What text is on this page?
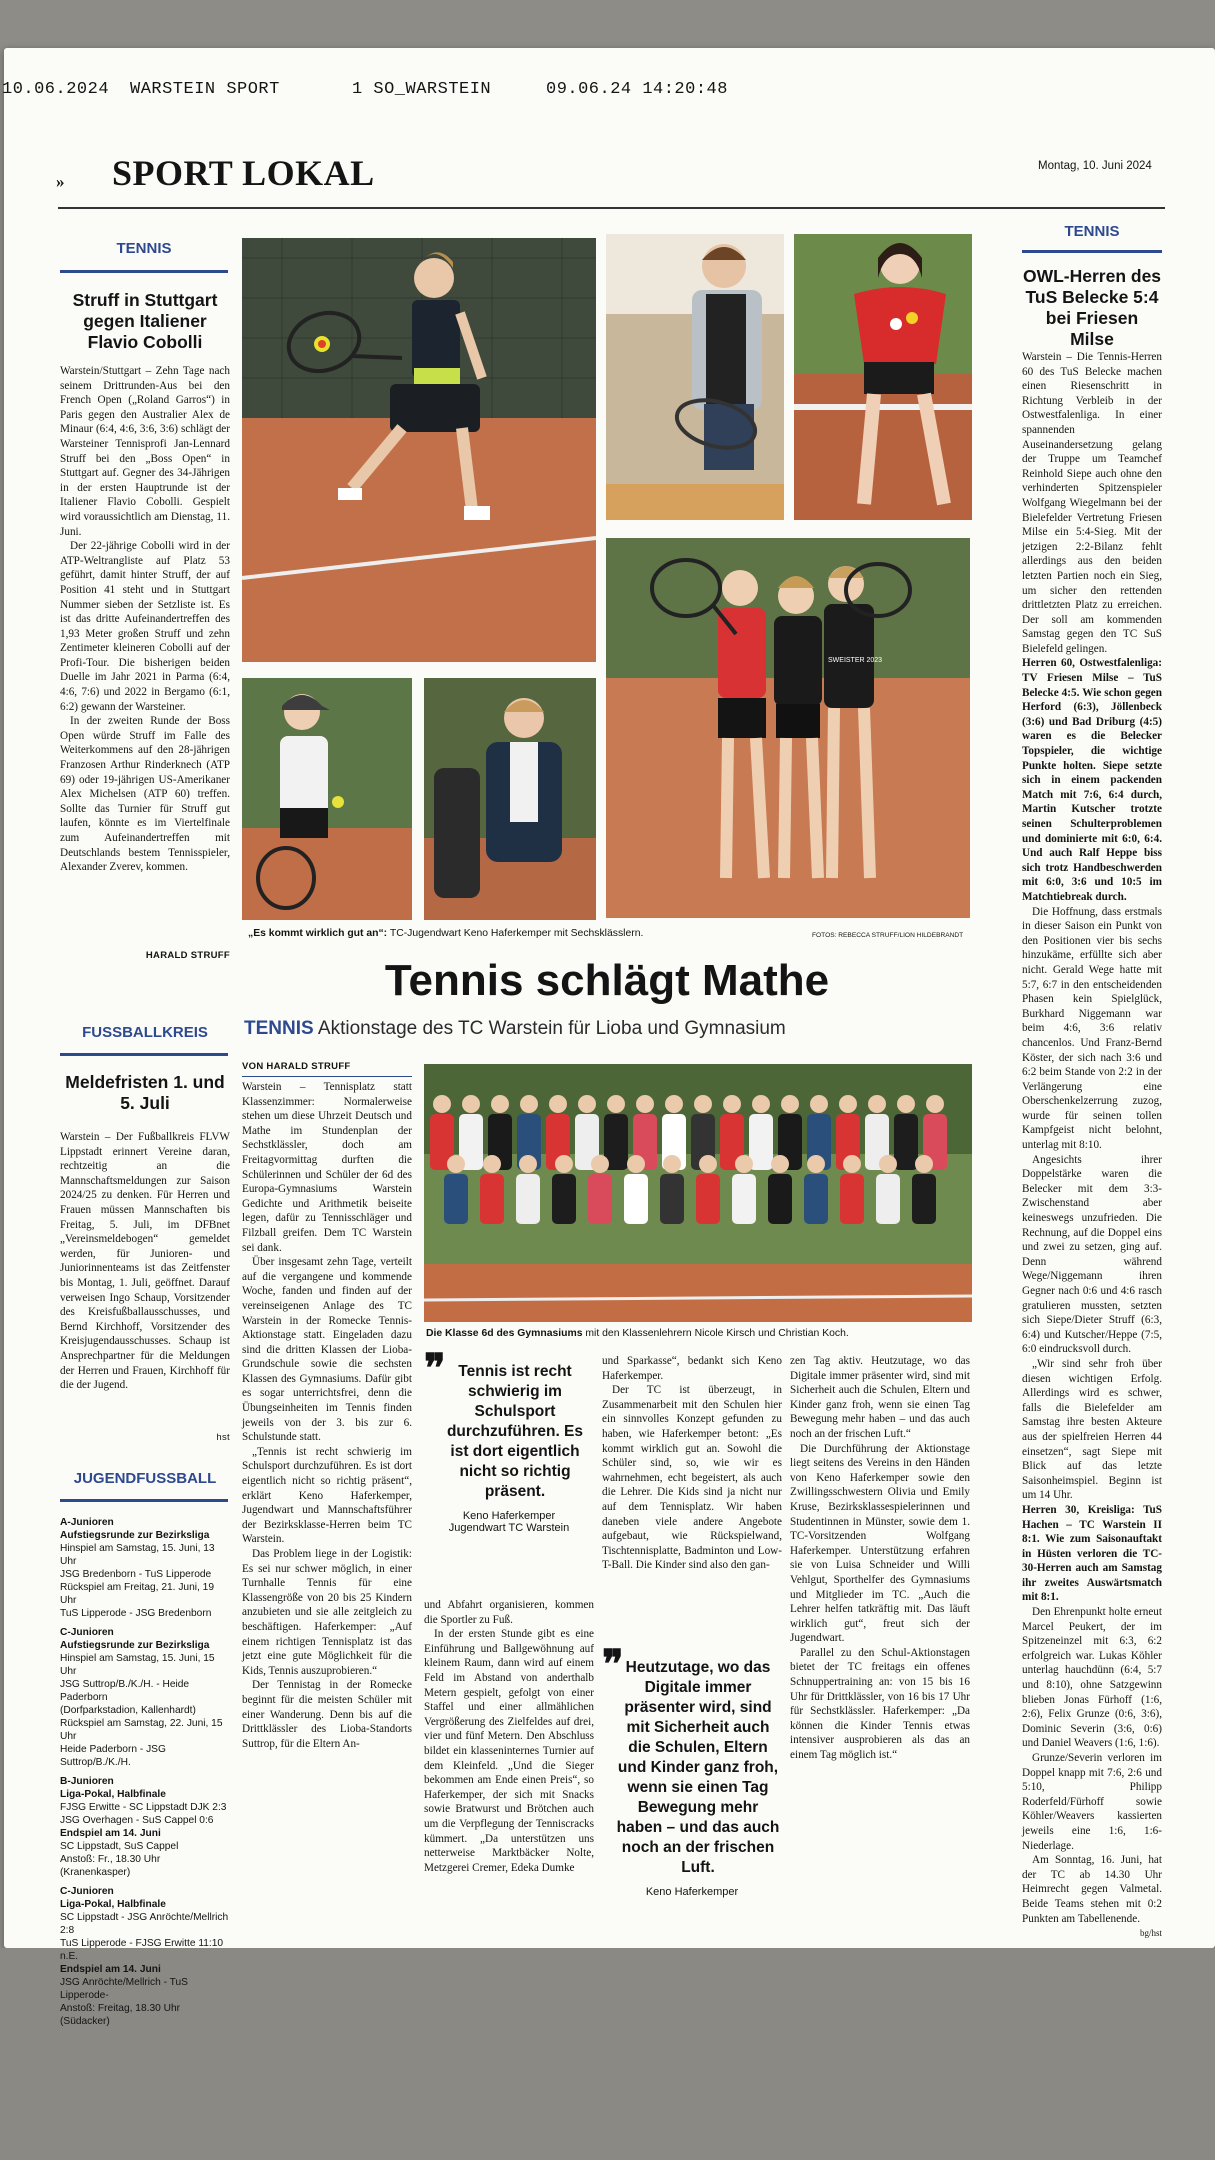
10.06.2024 WARSTEIN SPORT	1 SO_WARSTEIN	09.06.24 14:20:48
» SPORT LOKAL	Montag, 10. Juni 2024
TENNIS
Struff in Stuttgart gegen Italiener Flavio Cobolli

Warstein/Stuttgart – Zehn Tage nach seinem Drittrunden-Aus bei den French Open („Roland Garros“) in Paris gegen den Australier Alex de Minaur (6:4, 4:6, 3:6, 3:6) schlägt der Warsteiner Tennisprofi Jan-Lennard Struff bei den „Boss Open“ in Stuttgart auf. Gegner des 34-Jährigen in der ersten Hauptrunde ist der Italiener Flavio Cobolli. Gespielt wird voraussichtlich am Dienstag, 11. Juni.

Der 22-jährige Cobolli wird in der ATP-Weltrangliste auf Platz 53 geführt, damit hinter Struff, der auf Position 41 steht und in Stuttgart Nummer sieben der Setzliste ist. Es ist das dritte Aufeinandertreffen des 1,93 Meter großen Struff und zehn Zentimeter kleineren Cobolli auf der Profi-Tour. Die bisherigen beiden Duelle im Jahr 2021 in Parma (6:4, 4:6, 7:6) und 2022 in Bergamo (6:1, 6:2) gewann der Warsteiner.

In der zweiten Runde der Boss Open würde Struff im Falle des Weiterkommens auf den 28-jährigen Franzosen Arthur Rinderknech (ATP 69) oder 19-jährigen US-Amerikaner Alex Michelsen (ATP 60) treffen. Sollte das Turnier für Struff gut laufen, könnte es im Viertelfinale zum Aufeinandertreffen mit Deutschlands bestem Tennisspieler, Alexander Zverev, kommen.

HARALD STRUFF
FUSSBALLKREIS
Meldefristen 1. und 5. Juli

Warstein – Der Fußballkreis FLVW Lippstadt erinnert Vereine daran, rechtzeitig an die Mannschaftsmeldungen zur Saison 2024/25 zu denken. Für Herren und Frauen müssen Mannschaften bis Freitag, 5. Juli, im DFBnet „Vereinsmeldebogen“ gemeldet werden, für Junioren- und Juniorinnenteams ist das Zeitfenster bis Montag, 1. Juli, geöffnet. Darauf verweisen Ingo Schaup, Vorsitzender des Kreisfußballausschusses, und Bernd Kirchhoff, Vorsitzender des Kreisjugendausschusses. Schaup ist Ansprechpartner für die Meldungen der Herren und Frauen, Kirchhoff für die der Jugend.

hst
JUGENDFUSSBALL
A-Junioren
Aufstiegsrunde zur Bezirksliga
Hinspiel am Samstag, 15. Juni, 13 Uhr
JSG Bredenborn - TuS Lipperode
Rückspiel am Freitag, 21. Juni, 19 Uhr
TuS Lipperode - JSG Bredenborn
C-Junioren
Aufstiegsrunde zur Bezirksliga
Hinspiel am Samstag, 15. Juni, 15 Uhr
JSG Suttrop/B./K./H. - Heide Paderborn
(Dorfparkstadion, Kallenhardt)
Rückspiel am Samstag, 22. Juni, 15 Uhr
Heide Paderborn - JSG Suttrop/B./K./H.
B-Junioren
Liga-Pokal, Halbfinale
FJSG Erwitte - SC Lippstadt DJK 2:3
JSG Overhagen - SuS Cappel 0:6
Endspiel am 14. Juni
SC Lippstadt, SuS Cappel
Anstoß: Fr., 18.30 Uhr (Kranenkasper)
C-Junioren
Liga-Pokal, Halbfinale
SC Lippstadt - JSG Anröchte/Mellrich 2:8
TuS Lipperode - FJSG Erwitte 11:10 n.E.
Endspiel am 14. Juni
JSG Anröchte/Mellrich - TuS Lipperode-
Anstoß: Freitag, 18.30 Uhr (Südacker)
SWEISTER 2023
„Es kommt wirklich gut an“: TC-Jugendwart Keno Haferkemper mit Sechsklässlern.	FOTOS: REBECCA STRUFF/LION HILDEBRANDT
Tennis schlägt Mathe
TENNIS Aktionstage des TC Warstein für Lioba und Gymnasium
VON HARALD STRUFF

Warstein – Tennisplatz statt Klassenzimmer: Normalerweise stehen um diese Uhrzeit Deutsch und Mathe im Stundenplan der Sechstklässler, doch am Freitagvormittag durften die Schülerinnen und Schüler der 6d des Europa-Gymnasiums Warstein Gedichte und Arithmetik beiseite legen, dafür zu Tennisschläger und Filzball greifen. Dem TC Warstein sei dank.

Über insgesamt zehn Tage, verteilt auf die vergangene und kommende Woche, fanden und finden auf der vereinseigenen Anlage des TC Warstein in der Romecke Tennis-Aktionstage statt. Eingeladen dazu sind die dritten Klassen der Lioba-Grundschule sowie die sechsten Klassen des Gymnasiums. Dafür gibt es sogar unterrichtsfrei, denn die Übungseinheiten im Tennis finden jeweils von der 3. bis zur 6. Schulstunde statt.

„Tennis ist recht schwierig im Schulsport durchzuführen. Es ist dort eigentlich nicht so richtig präsent“, erklärt Keno Haferkemper, Jugendwart und Mannschaftsführer der Bezirksklasse-Herren beim TC Warstein.

Das Problem liege in der Logistik: Es sei nur schwer möglich, in einer Turnhalle Tennis für eine Klassengröße von 20 bis 25 Kindern anzubieten und sie alle zeitgleich zu beschäftigen. Haferkemper: „Auf einem richtigen Tennisplatz ist das jetzt eine gute Möglichkeit für die Kids, Tennis auszuprobieren.“

Der Tennistag in der Romecke beginnt für die meisten Schüler mit einer Wanderung. Denn bis auf die Drittklässler des Lioba-Standorts Suttrop, für die Eltern An-

Die Klasse 6d des Gymnasiums mit den Klassenlehrern Nicole Kirsch und Christian Koch.
❞ Tennis ist recht schwierig im Schulsport durchzuführen. Es ist dort eigentlich nicht so richtig präsent.
Keno Haferkemper
Jugendwart TC Warstein

und Abfahrt organisieren, kommen die Sportler zu Fuß.

In der ersten Stunde gibt es eine Einführung und Ballgewöhnung auf kleinem Raum, dann wird auf einem Feld im Abstand von anderthalb Metern gespielt, gefolgt von einer Staffel und einer allmählichen Vergrößerung des Zielfeldes auf drei, vier und fünf Metern. Den Abschluss bildet ein klasseninternes Turnier auf dem Kleinfeld. „Und die Sieger bekommen am Ende einen Preis“, so Haferkemper, der sich mit Snacks sowie Bratwurst und Brötchen auch um die Verpflegung der Tenniscracks kümmert. „Da unterstützen uns netterweise Marktbäcker Nolte, Metzgerei Cremer, Edeka Dumke

und Sparkasse“, bedankt sich Keno Haferkemper.

Der TC ist überzeugt, in Zusammenarbeit mit den Schulen hier ein sinnvolles Konzept gefunden zu haben, wie Haferkemper betont: „Es kommt wirklich gut an. Sowohl die Schüler sind, so, wie wir es wahrnehmen, echt begeistert, als auch die Lehrer. Die Kids sind ja nicht nur auf dem Tennisplatz. Wir haben daneben viele andere Angebote aufgebaut, wie Rückspielwand, Tischtennisplatte, Badminton und Low-T-Ball. Die Kinder sind also den gan-

❞ Heutzutage, wo das Digitale immer präsenter wird, sind mit Sicherheit auch die Schulen, Eltern und Kinder ganz froh, wenn sie einen Tag Bewegung mehr haben – und das auch noch an der frischen Luft.
Keno Haferkemper

zen Tag aktiv. Heutzutage, wo das Digitale immer präsenter wird, sind mit Sicherheit auch die Schulen, Eltern und Kinder ganz froh, wenn sie einen Tag Bewegung mehr haben – und das auch noch an der frischen Luft.“

Die Durchführung der Aktionstage liegt seitens des Vereins in den Händen von Keno Haferkemper sowie den Zwillingsschwestern Olivia und Emily Kruse, Bezirksklassespielerinnen und Studentinnen in Münster, sowie dem 1. TC-Vorsitzenden Wolfgang Haferkemper. Unterstützung erfahren sie von Luisa Schneider und Willi Vehlgut, Sporthelfer des Gymnasiums und Mitglieder im TC. „Auch die Lehrer helfen tatkräftig mit. Das läuft wirklich gut“, freut sich der Jugendwart.

Parallel zu den Schul-Aktionstagen bietet der TC freitags ein offenes Schnuppertraining an: von 15 bis 16 Uhr für Drittklässler, von 16 bis 17 Uhr für Sechstklässler. Haferkemper: „Da können die Kinder Tennis etwas intensiver ausprobieren als das an einem Tag möglich ist.“

TENNIS
OWL-Herren des TuS Belecke 5:4 bei Friesen Milse

Warstein – Die Tennis-Herren 60 des TuS Belecke machen einen Riesenschritt in Richtung Verbleib in der Ostwestfalenliga. In einer spannenden Auseinandersetzung gelang der Truppe um Teamchef Reinhold Siepe auch ohne den verhinderten Spitzenspieler Wolfgang Wiegelmann bei der Bielefelder Vertretung Friesen Milse ein 5:4-Sieg. Mit der jetzigen 2:2-Bilanz fehlt allerdings aus den beiden letzten Partien noch ein Sieg, um sicher den rettenden drittletzten Platz zu erreichen. Der soll am kommenden Samstag gegen den TC SuS Bielefeld gelingen.

Herren 60, Ostwestfalenliga: TV Friesen Milse – TuS Belecke 4:5. Wie schon gegen Herford (6:3), Jöllenbeck (3:6) und Bad Driburg (4:5) waren es die Belecker Topspieler, die wichtige Punkte holten. Siepe setzte sich in einem packenden Match mit 7:6, 6:4 durch, Martin Kutscher trotzte seinen Schulterproblemen und dominierte mit 6:0, 6:4. Und auch Ralf Heppe biss sich trotz Handbeschwerden mit 6:0, 3:6 und 10:5 im Matchtiebreak durch.

Die Hoffnung, dass erstmals in dieser Saison ein Punkt von den Positionen vier bis sechs hinzukäme, erfüllte sich aber nicht. Gerald Wege hatte mit 5:7, 6:7 in den entscheidenden Phasen kein Spielglück, Burkhard Niggemann war beim 4:6, 3:6 relativ chancenlos. Und Franz-Bernd Köster, der sich nach 3:6 und 6:2 beim Stande von 2:2 in der Verlängerung eine Oberschenkelzerrung zuzog, wurde für seinen tollen Kampfgeist nicht belohnt, unterlag mit 8:10.

Angesichts ihrer Doppelstärke waren die Belecker mit dem 3:3-Zwischenstand aber keineswegs unzufrieden. Die Rechnung, auf die Doppel eins und zwei zu setzen, ging auf. Denn während Wege/Niggemann ihren Gegner nach 0:6 und 4:6 rasch gratulieren mussten, setzten sich Siepe/Dieter Struff (6:3, 6:4) und Kutscher/Heppe (7:5, 6:0 eindrucksvoll durch.

„Wir sind sehr froh über diesen wichtigen Erfolg. Allerdings wird es schwer, falls die Bielefelder am Samstag ihre besten Akteure aus der spielfreien Herren 44 einsetzen“, sagt Siepe mit Blick auf das letzte Saisonheimspiel. Beginn ist um 14 Uhr.

Herren 30, Kreisliga: TuS Hachen – TC Warstein II 8:1. Wie zum Saisonauftakt in Hüsten verloren die TC-30-Herren auch am Samstag ihr zweites Auswärtsmatch mit 8:1.

Den Ehrenpunkt holte erneut Marcel Peukert, der im Spitzeneinzel mit 6:3, 6:2 erfolgreich war. Lukas Köhler unterlag hauchdünn (6:4, 5:7 und 8:10), ohne Satzgewinn blieben Jonas Fürhoff (1:6, 2:6), Felix Grunze (0:6, 3:6), Dominic Severin (3:6, 0:6) und Daniel Weavers (1:6, 1:6).

Grunze/Severin verloren im Doppel knapp mit 7:6, 2:6 und 5:10, Philipp Roderfeld/Fürhoff sowie Köhler/Weavers kassierten jeweils eine 1:6, 1:6-Niederlage.

Am Sonntag, 16. Juni, hat der TC ab 14.30 Uhr Heimrecht gegen Valmetal. Beide Teams stehen mit 0:2 Punkten am Tabellenende.

bg/hst
